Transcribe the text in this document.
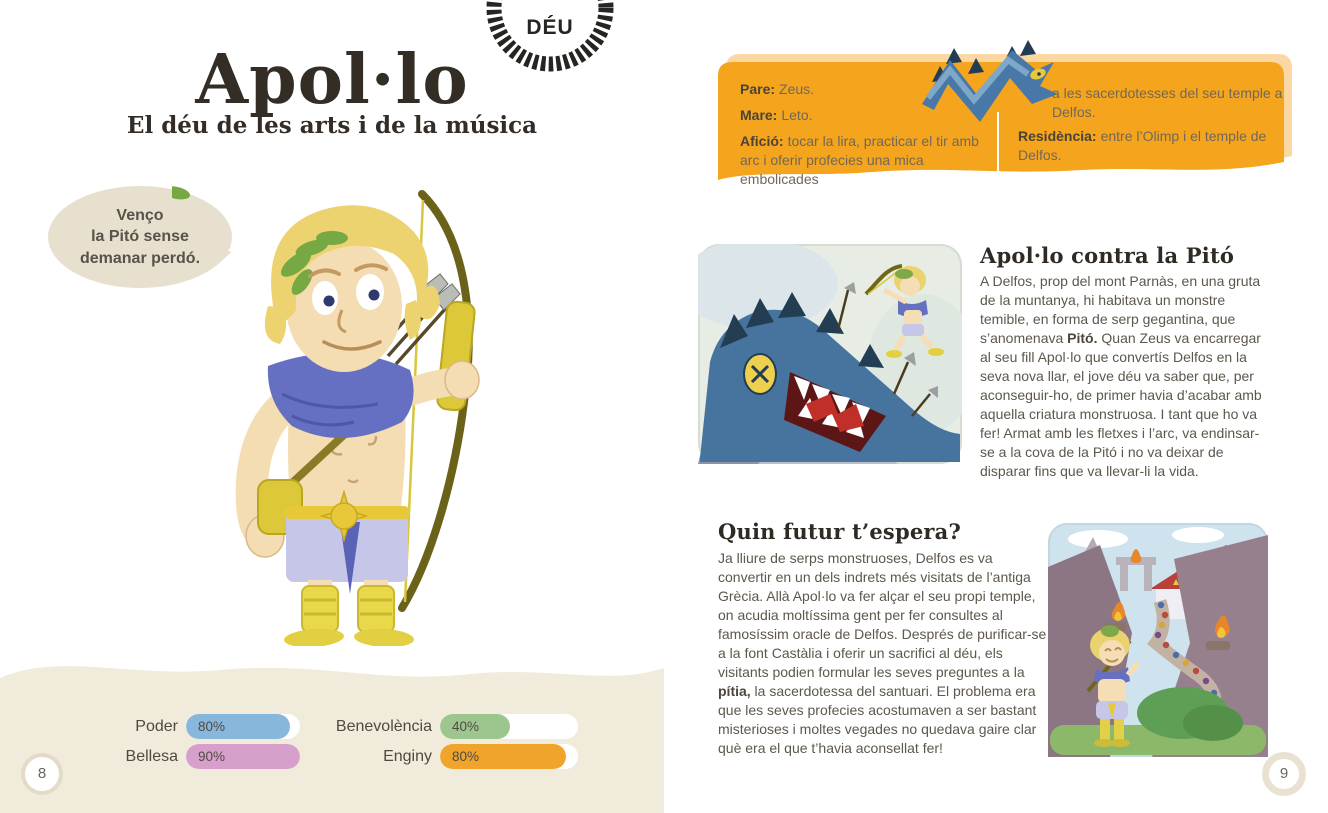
DÉU
Apol·lo
El déu de les arts i de la música
Venço
la Pitó sense
demanar perdó.
Poder 80%
Bellesa 90%
Benevolència 40%
Enginy 80%
8

Pare: Zeus.

Mare: Leto.

Afició: tocar la lira, practicar el tir amb arc i oferir profecies una mica embolicades

a les sacerdotesses del seu temple a Delfos.
Residència: entre l’Olimp i el temple de Delfos.
Apol·lo contra la Pitó
A Delfos, prop del mont Parnàs, en una gruta de la muntanya, hi habitava un monstre temible, en forma de serp gegantina, que s’anomenava Pitó. Quan Zeus va encarregar al seu fill Apol·lo que convertís Delfos en la seva nova llar, el jove déu va saber que, per aconseguir-ho, de primer havia d’acabar amb aquella criatura monstruosa. I tant que ho va fer! Armat amb les fletxes i l’arc, va endinsar-se a la cova de la Pitó i no va deixar de disparar fins que va llevar-li la vida.
Quin futur t’espera?
Ja lliure de serps monstruoses, Delfos es va convertir en un dels indrets més visitats de l’antiga Grècia. Allà Apol·lo va fer alçar el seu propi temple, on acudia moltíssima gent per fer consultes al famosíssim oracle de Delfos. Després de purificar-se a la font Castàlia i oferir un sacrifici al déu, els visitants podien formular les seves preguntes a la pítia, la sacerdotessa del santuari. El problema era que les seves profecies acostumaven a ser bastant misterioses i moltes vegades no quedava gaire clar què era el que t’havia aconsellat fer!
9
